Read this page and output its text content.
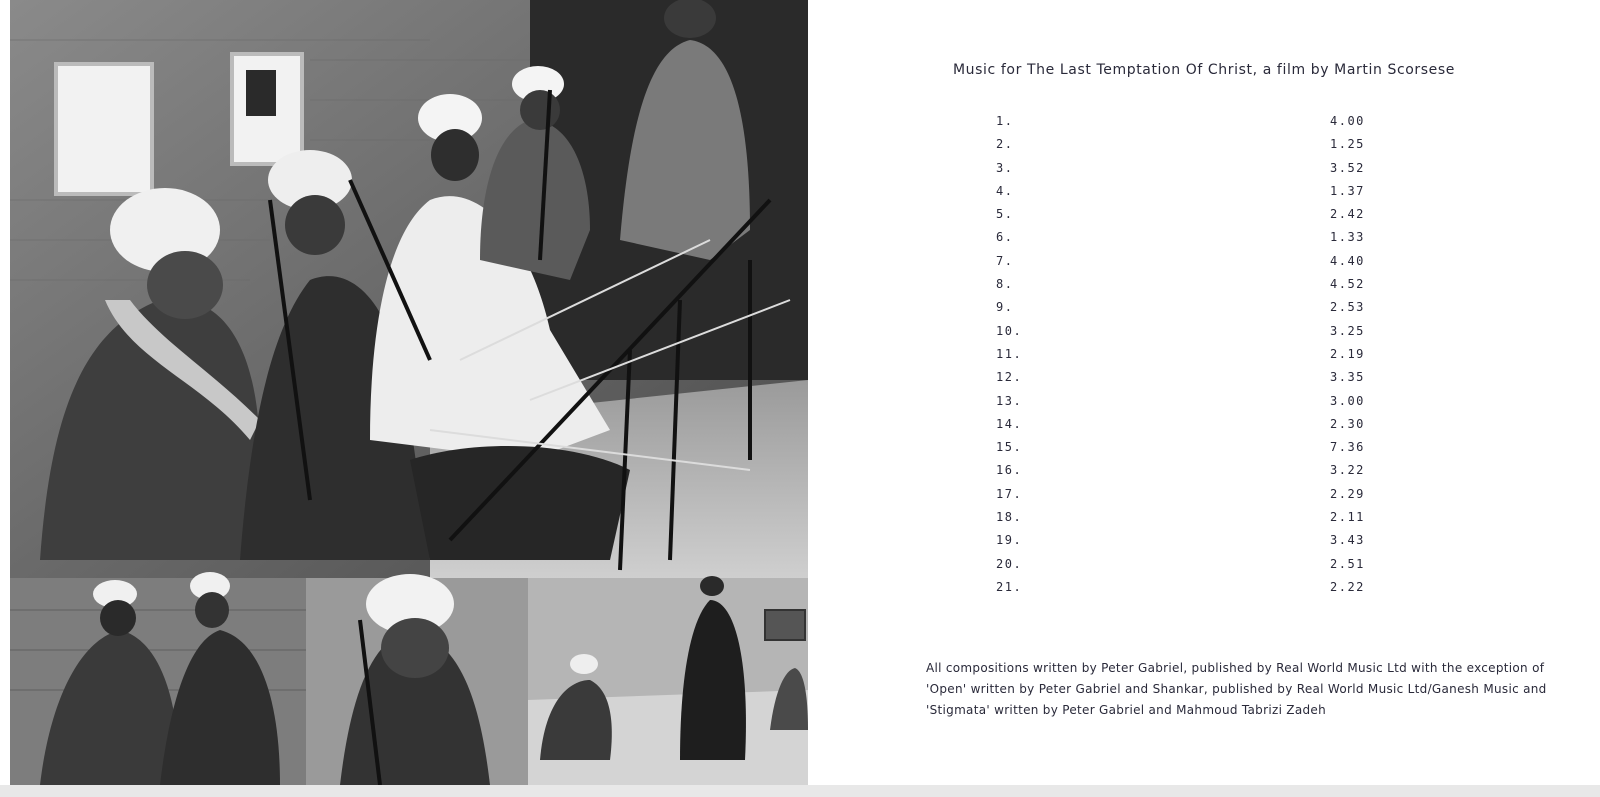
Music for The Last Temptation Of Christ, a film by Martin Scorsese
1.	4.00
2.	1.25
3.	3.52
4.	1.37
5.	2.42
6.	1.33
7.	4.40
8.	4.52
9.	2.53
10.	3.25
11.	2.19
12.	3.35
13.	3.00
14.	2.30
15.	7.36
16.	3.22
17.	2.29
18.	2.11
19.	3.43
20.	2.51
21.	2.22

All compositions written by Peter Gabriel, published by Real World Music Ltd with the exception of 'Open' written by Peter Gabriel and Shankar, published by Real World Music Ltd/Ganesh Music and 'Stigmata' written by Peter Gabriel and Mahmoud Tabrizi Zadeh
